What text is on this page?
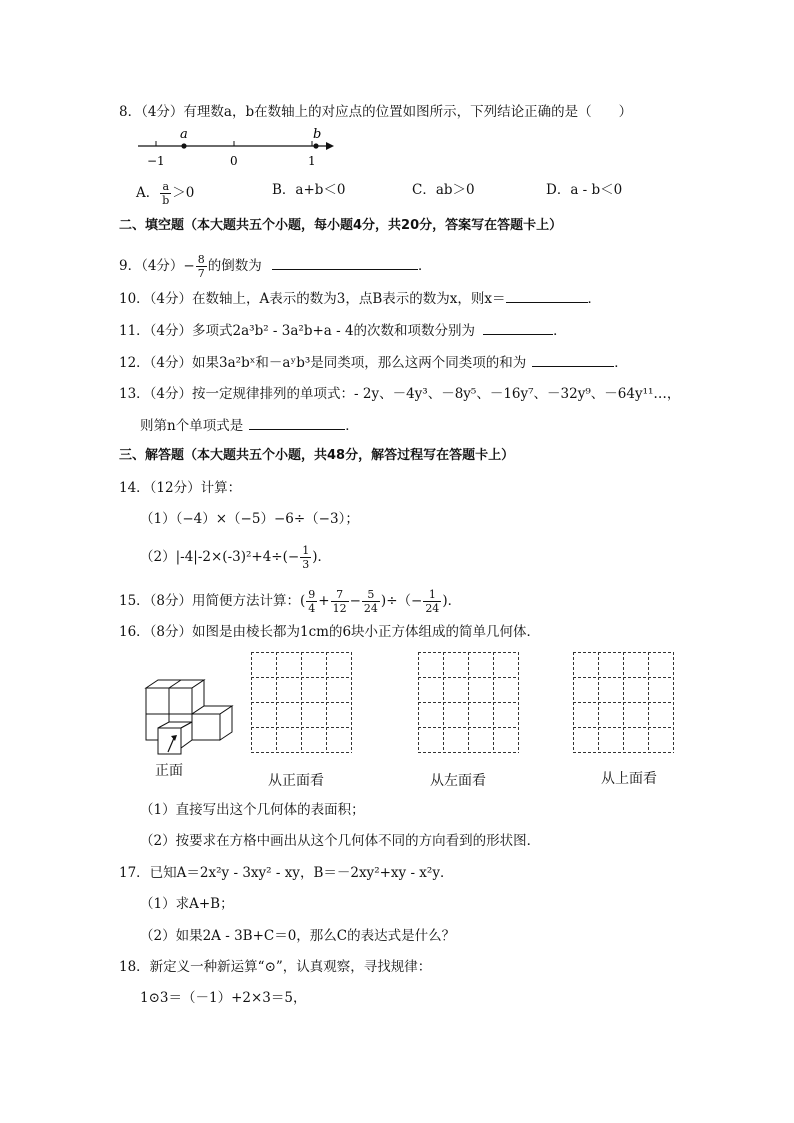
8．（4分）有理数a，b在数轴上的对应点的位置如图所示，下列结论正确的是（　　）
a	b
−1	0	1
A． $\frac{a}{b} >0$	B．a+b＜0	C．ab＞0	D．a - b＜0
二、填空题（本大题共五个小题，每小题4分，共20分，答案写在答题卡上）
9．（4分）− $\frac{8}{7}$ 的倒数为	．
10．（4分）在数轴上，A表示的数为3，点B表示的数为x，则x＝	．
11．（4分）多项式2a³b² - 3a²b+a - 4的次数和项数分别为	．
12．（4分）如果3a²bˣ和－aʸb³是同类项，那么这两个同类项的和为	．
13．（4分）按一定规律排列的单项式：- 2y、－4y³、－8y⁵、－16y⁷、－32y⁹、－64y¹¹…，
则第n个单项式是	．
三、解答题（本大题共五个小题，共48分，解答过程写在答题卡上）
14．（12分）计算：
（1）（−4）×（−5）−6÷（−3）；
$(2)|-4|-2\times(-3)^2+4\div(- \frac{1}{3}$ )．
15．（8分）用简便方法计算：( $\frac{9}{4} + \frac{7}{12} - \frac{5}{24}$ )÷（− $\frac{1}{24}$ )．
16．（8分）如图是由棱长都为1cm的6块小正方体组成的简单几何体．
正面
从正面看	从左面看	从上面看
（1）直接写出这个几何体的表面积；
（2）按要求在方格中画出从这个几何体不同的方向看到的形状图．
17．已知A＝2x²y - 3xy² - xy，B＝－2xy²+xy - x²y．
（1）求A+B；
（2）如果2A - 3B+C＝0，那么C的表达式是什么？
18．新定义一种新运算“⊙”，认真观察，寻找规律：
1⊙3＝（－1）+2×3＝5，
